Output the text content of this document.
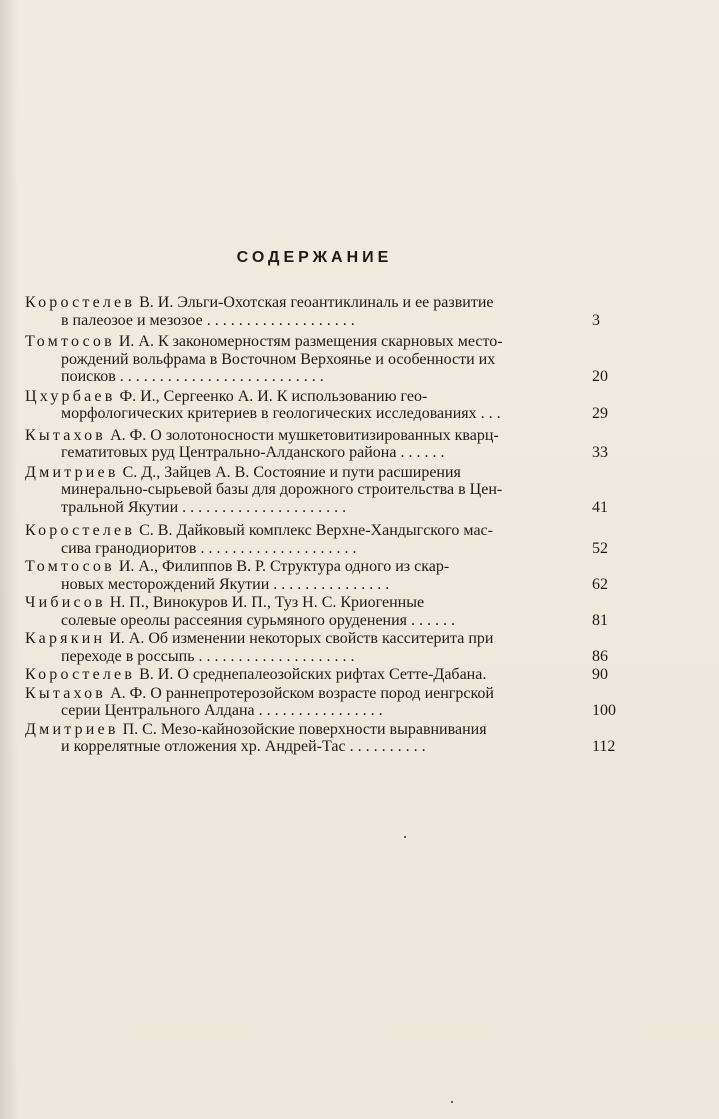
СОДЕРЖАНИЕ
Коростелев В. И. Эльги-Охотская геоантиклиналь и ее развитие
в палеозое и мезозое . . . . . . . . . . . . . . . . . . .	3
Томтосов И. А. К закономерностям размещения скарновых место-
рождений вольфрама в Восточном Верхоянье и особенности их
поисков . . . . . . . . . . . . . . . . . . . . . . . . . .	20
Цхурбаев Ф. И., Сергеенко А. И. К использованию гео-
морфологических критериев в геологических исследованиях . . .	29
Кытахов А. Ф. О золотоносности мушкетовитизированных кварц-
гематитовых руд Центрально-Алданского района . . . . . .	33
Дмитриев С. Д., Зайцев А. В. Состояние и пути расширения
минерально-сырьевой базы для дорожного строительства в Цен-
тральной Якутии . . . . . . . . . . . . . . . . . . . . .	41
Коростелев С. В. Дайковый комплекс Верхне-Хандыгского мас-
сива гранодиоритов . . . . . . . . . . . . . . . . . . . .	52
Томтосов И. А., Филиппов В. Р. Структура одного из скар-
новых месторождений Якутии . . . . . . . . . . . . . . .	62
Чибисов Н. П., Винокуров И. П., Туз Н. С. Криогенные
солевые ореолы рассеяния сурьмяного оруденения . . . . . .	81
Карякин И. А. Об изменении некоторых свойств касситерита при
переходе в россыпь . . . . . . . . . . . . . . . . . . . .	86
Коростелев В. И. О среднепалеозойских рифтах Сетте-Дабана.	90
Кытахов А. Ф. О раннепротерозойском возрасте пород иенгрской
серии Центрального Алдана . . . . . . . . . . . . . . . .	100
Дмитриев П. С. Мезо-кайнозойские поверхности выравнивания
и коррелятные отложения хр. Андрей-Тас . . . . . . . . . .	112
